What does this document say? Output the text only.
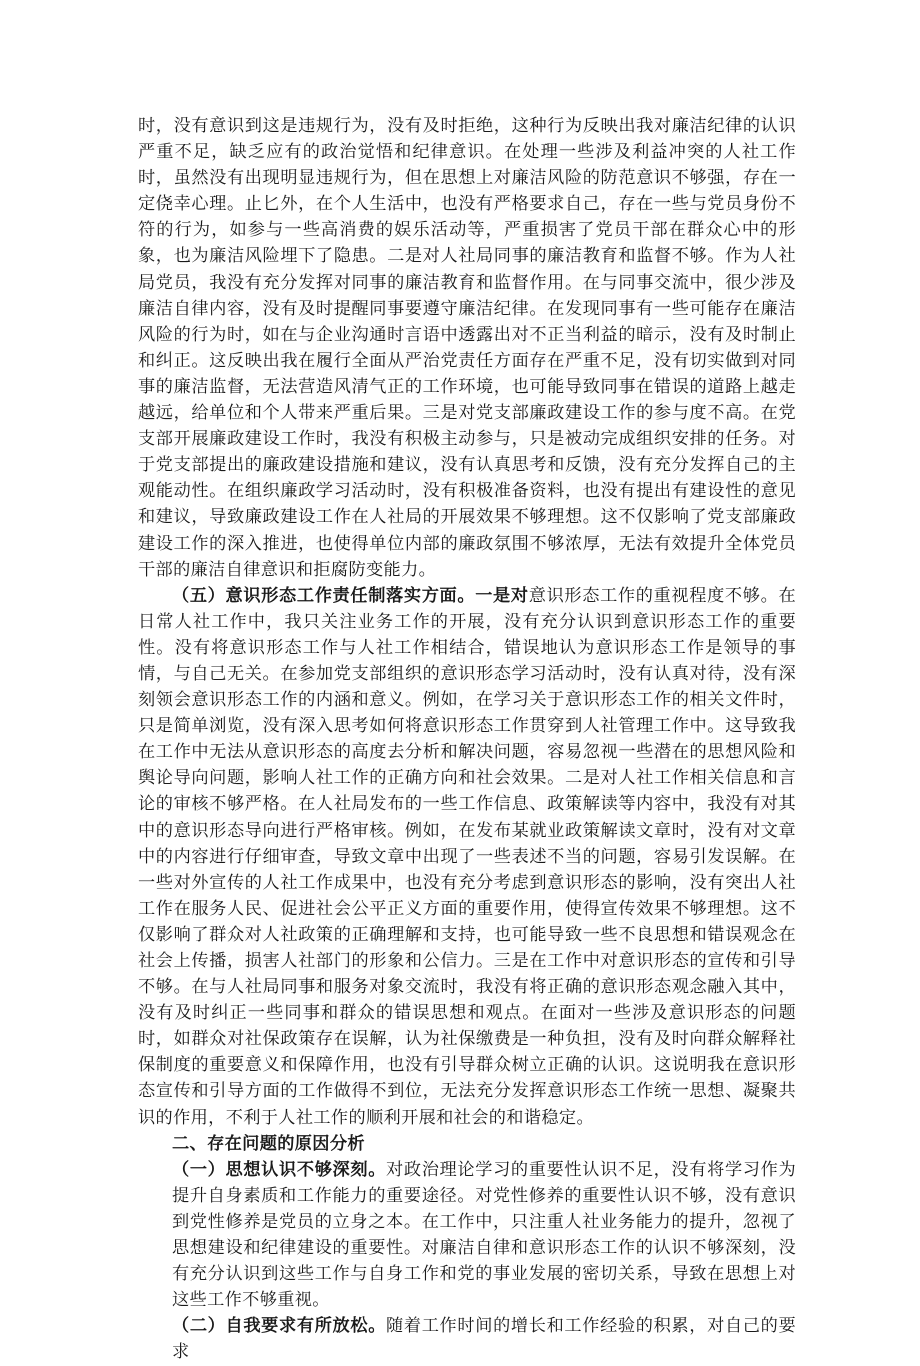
时，没有意识到这是违规行为，没有及时拒绝，这种行为反映出我对廉洁纪律的认识严重不足，缺乏应有的政治觉悟和纪律意识。在处理一些涉及利益冲突的人社工作时，虽然没有出现明显违规行为，但在思想上对廉洁风险的防范意识不够强，存在一定侥幸心理。止匕外，在个人生活中，也没有严格要求自己，存在一些与党员身份不符的行为，如参与一些高消费的娱乐活动等，严重损害了党员干部在群众心中的形象，也为廉洁风险埋下了隐患。二是对人社局同事的廉洁教育和监督不够。作为人社局党员，我没有充分发挥对同事的廉洁教育和监督作用。在与同事交流中，很少涉及廉洁自律内容，没有及时提醒同事要遵守廉洁纪律。在发现同事有一些可能存在廉洁风险的行为时，如在与企业沟通时言语中透露出对不正当利益的暗示，没有及时制止和纠正。这反映出我在履行全面从严治党责任方面存在严重不足，没有切实做到对同事的廉洁监督，无法营造风清气正的工作环境，也可能导致同事在错误的道路上越走越远，给单位和个人带来严重后果。三是对党支部廉政建设工作的参与度不高。在党支部开展廉政建设工作时，我没有积极主动参与，只是被动完成组织安排的任务。对于党支部提出的廉政建设措施和建议，没有认真思考和反馈，没有充分发挥自己的主观能动性。在组织廉政学习活动时，没有积极准备资料，也没有提出有建设性的意见和建议，导致廉政建设工作在人社局的开展效果不够理想。这不仅影响了党支部廉政建设工作的深入推进，也使得单位内部的廉政氛围不够浓厚，无法有效提升全体党员干部的廉洁自律意识和拒腐防变能力。

（五）意识形态工作责任制落实方面。一是对意识形态工作的重视程度不够。在日常人社工作中，我只关注业务工作的开展，没有充分认识到意识形态工作的重要性。没有将意识形态工作与人社工作相结合，错误地认为意识形态工作是领导的事情，与自己无关。在参加党支部组织的意识形态学习活动时，没有认真对待，没有深刻领会意识形态工作的内涵和意义。例如，在学习关于意识形态工作的相关文件时，只是简单浏览，没有深入思考如何将意识形态工作贯穿到人社管理工作中。这导致我在工作中无法从意识形态的高度去分析和解决问题，容易忽视一些潜在的思想风险和舆论导向问题，影响人社工作的正确方向和社会效果。二是对人社工作相关信息和言论的审核不够严格。在人社局发布的一些工作信息、政策解读等内容中，我没有对其中的意识形态导向进行严格审核。例如，在发布某就业政策解读文章时，没有对文章中的内容进行仔细审查，导致文章中出现了一些表述不当的问题，容易引发误解。在一些对外宣传的人社工作成果中，也没有充分考虑到意识形态的影响，没有突出人社工作在服务人民、促进社会公平正义方面的重要作用，使得宣传效果不够理想。这不仅影响了群众对人社政策的正确理解和支持，也可能导致一些不良思想和错误观念在社会上传播，损害人社部门的形象和公信力。三是在工作中对意识形态的宣传和引导不够。在与人社局同事和服务对象交流时，我没有将正确的意识形态观念融入其中，没有及时纠正一些同事和群众的错误思想和观点。在面对一些涉及意识形态的问题时，如群众对社保政策存在误解，认为社保缴费是一种负担，没有及时向群众解释社保制度的重要意义和保障作用，也没有引导群众树立正确的认识。这说明我在意识形态宣传和引导方面的工作做得不到位，无法充分发挥意识形态工作统一思想、凝聚共识的作用，不利于人社工作的顺利开展和社会的和谐稳定。

二、存在问题的原因分析

（一）思想认识不够深刻。对政治理论学习的重要性认识不足，没有将学习作为提升自身素质和工作能力的重要途径。对党性修养的重要性认识不够，没有意识到党性修养是党员的立身之本。在工作中，只注重人社业务能力的提升，忽视了思想建设和纪律建设的重要性。对廉洁自律和意识形态工作的认识不够深刻，没有充分认识到这些工作与自身工作和党的事业发展的密切关系，导致在思想上对这些工作不够重视。

（二）自我要求有所放松。随着工作时间的增长和工作经验的积累，对自己的要求
